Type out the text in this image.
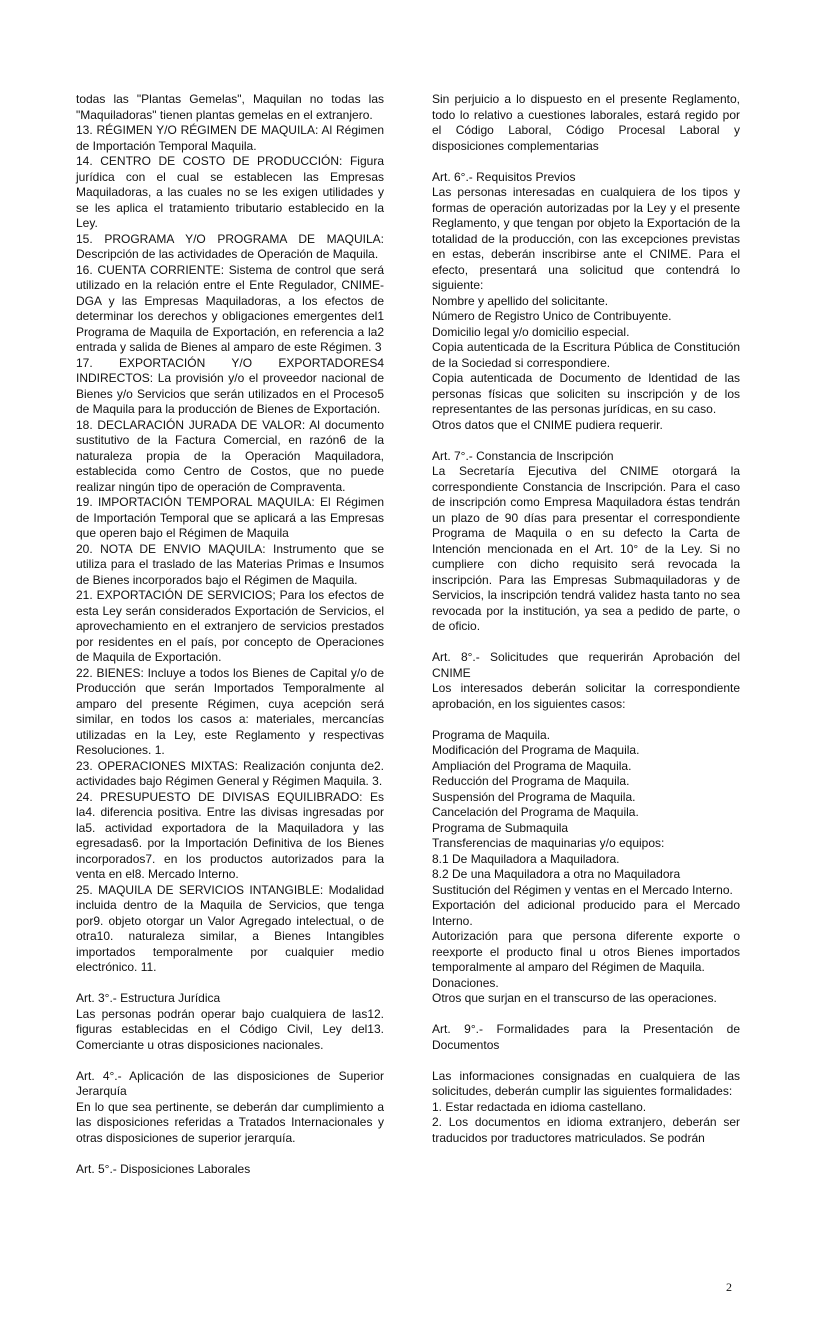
todas las "Plantas Gemelas", Maquilan no todas las "Maquiladoras" tienen plantas gemelas en el extranjero.

13. RÉGIMEN Y/O RÉGIMEN DE MAQUILA: Al Régimen de Importación Temporal Maquila.

14. CENTRO DE COSTO DE PRODUCCIÓN: Figura jurídica con el cual se establecen las Empresas Maquiladoras, a las cuales no se les exigen utilidades y se les aplica el tratamiento tributario establecido en la Ley.

15. PROGRAMA Y/O PROGRAMA DE MAQUILA: Descripción de las actividades de Operación de Maquila.

16. CUENTA CORRIENTE: Sistema de control que será utilizado en la relación entre el Ente Regulador, CNIME-DGA y las Empresas Maquiladoras, a los efectos de determinar los derechos y obligaciones emergentes del1 Programa de Maquila de Exportación, en referencia a la2 entrada y salida de Bienes al amparo de este Régimen. 3

17. EXPORTACIÓN Y/O EXPORTADORES4 INDIRECTOS: La provisión y/o el proveedor nacional de Bienes y/o Servicios que serán utilizados en el Proceso5 de Maquila para la producción de Bienes de Exportación.

18. DECLARACIÓN JURADA DE VALOR: Al documento sustitutivo de la Factura Comercial, en razón6 de la naturaleza propia de la Operación Maquiladora, establecida como Centro de Costos, que no puede realizar ningún tipo de operación de Compraventa.

19. IMPORTACIÓN TEMPORAL MAQUILA: El Régimen de Importación Temporal que se aplicará a las Empresas que operen bajo el Régimen de Maquila

20. NOTA DE ENVIO MAQUILA: Instrumento que se utiliza para el traslado de las Materias Primas e Insumos de Bienes incorporados bajo el Régimen de Maquila.

21. EXPORTACIÓN DE SERVICIOS; Para los efectos de esta Ley serán considerados Exportación de Servicios, el aprovechamiento en el extranjero de servicios prestados por residentes en el país, por concepto de Operaciones de Maquila de Exportación.

22. BIENES: Incluye a todos los Bienes de Capital y/o de Producción que serán Importados Temporalmente al amparo del presente Régimen, cuya acepción será similar, en todos los casos a: materiales, mercancías utilizadas en la Ley, este Reglamento y respectivas Resoluciones. 1.

23. OPERACIONES MIXTAS: Realización conjunta de2. actividades bajo Régimen General y Régimen Maquila. 3.

24. PRESUPUESTO DE DIVISAS EQUILIBRADO: Es la4. diferencia positiva. Entre las divisas ingresadas por la5. actividad exportadora de la Maquiladora y las egresadas6. por la Importación Definitiva de los Bienes incorporados7. en los productos autorizados para la venta en el8. Mercado Interno.

25. MAQUILA DE SERVICIOS INTANGIBLE: Modalidad incluida dentro de la Maquila de Servicios, que tenga por9. objeto otorgar un Valor Agregado intelectual, o de otra10. naturaleza similar, a Bienes Intangibles importados temporalmente por cualquier medio electrónico. 11.

Art. 3°.- Estructura Jurídica

Las personas podrán operar bajo cualquiera de las12. figuras establecidas en el Código Civil, Ley del13. Comerciante u otras disposiciones nacionales.

Art. 4°.- Aplicación de las disposiciones de Superior Jerarquía

En lo que sea pertinente, se deberán dar cumplimiento a las disposiciones referidas a Tratados Internacionales y otras disposiciones de superior jerarquía.

Art. 5°.- Disposiciones Laborales

Sin perjuicio a lo dispuesto en el presente Reglamento, todo lo relativo a cuestiones laborales, estará regido por el Código Laboral, Código Procesal Laboral y disposiciones complementarias

Art. 6°.- Requisitos Previos

Las personas interesadas en cualquiera de los tipos y formas de operación autorizadas por la Ley y el presente Reglamento, y que tengan por objeto la Exportación de la totalidad de la producción, con las excepciones previstas en estas, deberán inscribirse ante el CNIME. Para el efecto, presentará una solicitud que contendrá lo siguiente:

Nombre y apellido del solicitante.

Número de Registro Unico de Contribuyente.

Domicilio legal y/o domicilio especial.

Copia autenticada de la Escritura Pública de Constitución de la Sociedad si correspondiere.

Copia autenticada de Documento de Identidad de las personas físicas que soliciten su inscripción y de los representantes de las personas jurídicas, en su caso.

Otros datos que el CNIME pudiera requerir.

Art. 7°.- Constancia de Inscripción

La Secretaría Ejecutiva del CNIME otorgará la correspondiente Constancia de Inscripción. Para el caso de inscripción como Empresa Maquiladora éstas tendrán un plazo de 90 días para presentar el correspondiente Programa de Maquila o en su defecto la Carta de Intención mencionada en el Art. 10° de la Ley. Si no cumpliere con dicho requisito será revocada la inscripción. Para las Empresas Submaquiladoras y de Servicios, la inscripción tendrá validez hasta tanto no sea revocada por la institución, ya sea a pedido de parte, o de oficio.

Art. 8°.- Solicitudes que requerirán Aprobación del CNIME

Los interesados deberán solicitar la correspondiente aprobación, en los siguientes casos:

Programa de Maquila.

Modificación del Programa de Maquila.

Ampliación del Programa de Maquila.

Reducción del Programa de Maquila.

Suspensión del Programa de Maquila.

Cancelación del Programa de Maquila.

Programa de Submaquila

Transferencias de maquinarias y/o equipos:

8.1 De Maquiladora a Maquiladora.

8.2 De una Maquiladora a otra no Maquiladora

Sustitución del Régimen y ventas en el Mercado Interno.

Exportación del adicional producido para el Mercado Interno.

Autorización para que persona diferente exporte o reexporte el producto final u otros Bienes importados temporalmente al amparo del Régimen de Maquila.

Donaciones.

Otros que surjan en el transcurso de las operaciones.

Art. 9°.- Formalidades para la Presentación de Documentos

Las informaciones consignadas en cualquiera de las solicitudes, deberán cumplir las siguientes formalidades:

1. Estar redactada en idioma castellano.

2. Los documentos en idioma extranjero, deberán ser traducidos por traductores matriculados. Se podrán

2
